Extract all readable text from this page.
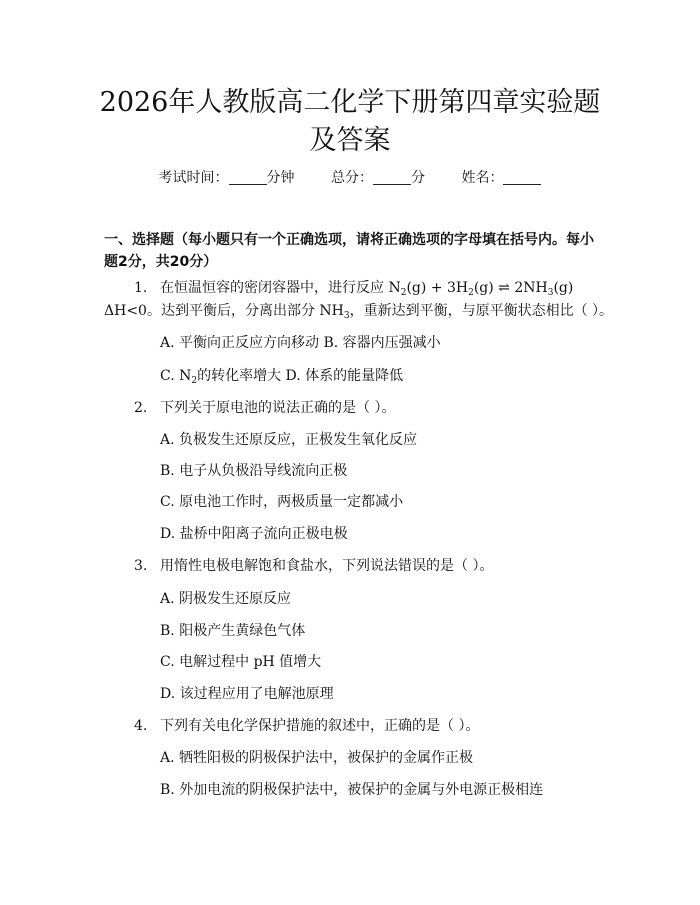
2026年人教版高二化学下册第四章实验题及答案
考试时间：	分钟	总分：	分	姓名：
一、选择题（每小题只有一个正确选项，请将正确选项的字母填在括号内。每小题2分，共20分）
1. 在恒温恒容的密闭容器中，进行反应 $N_2(g) + 3H_2(g)$ ⇌ $2NH_3(g)$
ΔH<0。达到平衡后，分离出部分 $NH_3$，重新达到平衡，与原平衡状态相比（ ）。
A. 平衡向正反应方向移动 B. 容器内压强减小
C. $N_2$的转化率增大 D. 体系的能量降低
2. 下列关于原电池的说法正确的是（ ）。
A. 负极发生还原反应，正极发生氧化反应
B. 电子从负极沿导线流向正极
C. 原电池工作时，两极质量一定都减小
D. 盐桥中阳离子流向正极电极
3. 用惰性电极电解饱和食盐水，下列说法错误的是（ ）。
A. 阴极发生还原反应
B. 阳极产生黄绿色气体
C. 电解过程中 pH 值增大
D. 该过程应用了电解池原理
4. 下列有关电化学保护措施的叙述中，正确的是（ ）。
A. 牺牲阳极的阴极保护法中，被保护的金属作正极
B. 外加电流的阴极保护法中，被保护的金属与外电源正极相连
